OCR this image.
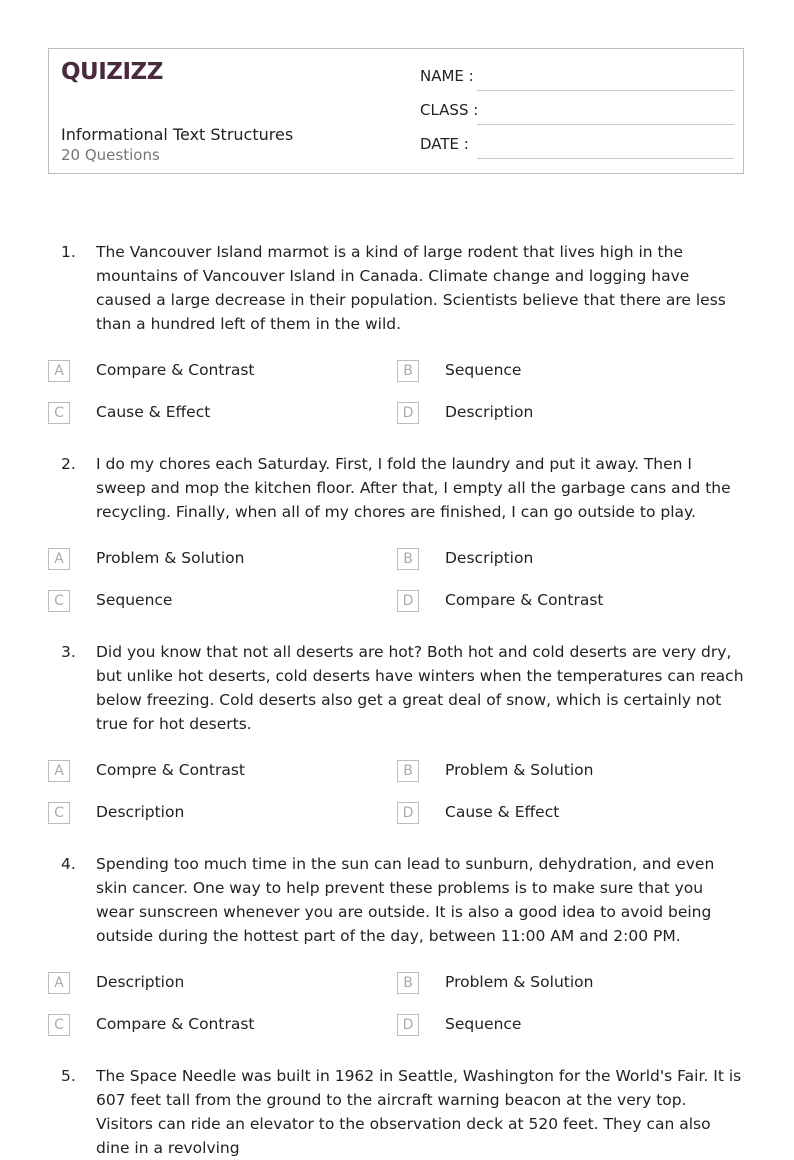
QUIZIZZ
Informational Text Structures
20 Questions
NAME :
CLASS :
DATE :
1. The Vancouver Island marmot is a kind of large rodent that lives high in the mountains of Vancouver Island in Canada. Climate change and logging have caused a large decrease in their population. Scientists believe that there are less than a hundred left of them in the wild.

A	Compare & Contrast	B	Sequence
C	Cause & Effect	D	Description
2. I do my chores each Saturday. First, I fold the laundry and put it away. Then I sweep and mop the kitchen floor. After that, I empty all the garbage cans and the recycling. Finally, when all of my chores are finished, I can go outside to play.

A	Problem & Solution	B	Description
C	Sequence	D	Compare & Contrast
3. Did you know that not all deserts are hot? Both hot and cold deserts are very dry, but unlike hot deserts, cold deserts have winters when the temperatures can reach below freezing. Cold deserts also get a great deal of snow, which is certainly not true for hot deserts.

A	Compre & Contrast	B	Problem & Solution
C	Description	D	Cause & Effect
4. Spending too much time in the sun can lead to sunburn, dehydration, and even skin cancer. One way to help prevent these problems is to make sure that you wear sunscreen whenever you are outside. It is also a good idea to avoid being outside during the hottest part of the day, between 11:00 AM and 2:00 PM.

A	Description	B	Problem & Solution
C	Compare & Contrast	D	Sequence
5. The Space Needle was built in 1962 in Seattle, Washington for the World's Fair. It is 607 feet tall from the ground to the aircraft warning beacon at the very top. Visitors can ride an elevator to the observation deck at 520 feet. They can also dine in a revolving
